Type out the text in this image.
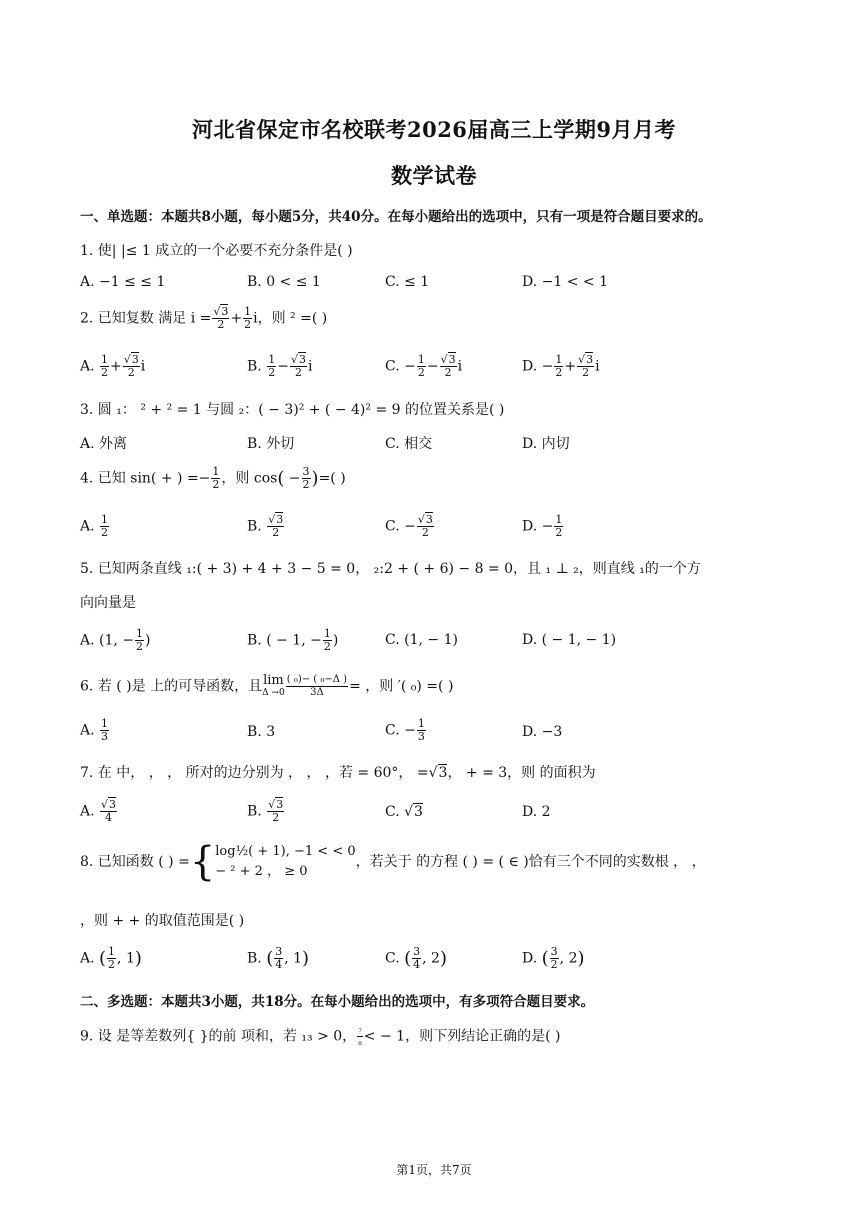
河北省保定市名校联考2026届高三上学期9月月考
数学试卷
一、单选题：本题共8小题，每小题5分，共40分。在每小题给出的选项中，只有一项是符合题目要求的。
1. 使| |≤ 1 成立的一个必要不充分条件是( )
A. −1 ≤ ≤ 1	B. 0 < ≤ 1	C. ≤ 1	D. −1 < < 1
2. 已知复数 满足 $i = \frac{√3}{2} + \frac{1}{2}$ i，则 ² =( )
A. $\frac{1}{2} + \frac{√3}{2}$ i	B. $\frac{1}{2} - \frac{√3}{2}$ i	C. − $\frac{1}{2} - \frac{√3}{2}$ i	D. − $\frac{1}{2} + \frac{√3}{2}$ i
3. 圆 ₁： ² + ² = 1 与圆 ₂：( − 3)² + ( − 4)² = 9 的位置关系是( )
A. 外离	B. 外切	C. 相交	D. 内切
4. 已知 sin( + ) =− $\frac{1}{2}$ ，则 $\cos( - \frac{3}{2}$ )=( )
A. $\frac{1}{2}$	B. $\frac{√3}{2}$	C. − $\frac{√3}{2}$	D. − $\frac{1}{2}$
5. 已知两条直线 ₁:( + 3) + 4 + 3 − 5 = 0， ₂:2 + ( + 6) − 8 = 0，且 ₁ ⊥ ₂，则直线 ₁的一个方
向向量是
A. (1, − $\frac{1}{2}$ )	B. ( − 1, − $\frac{1}{2}$ )	C. (1, − 1)	D. ( − 1, − 1)
6. 若 ( )是 上的可导函数，且 lim
$\Delta \to 0 \frac{\text{( ₀)− ( ₀−Δ )}}{3\Delta}$ = ，则 ′( ₀) =( )
A. $\frac{1}{3}$	B. 3	C. − $\frac{1}{3}$	D. −3
7. 在 中， ， ， 所对的边分别为 ， ， ，若 = 60°， =√3， + = 3，则 的面积为
A. $\frac{√3}{4}$	B. $\frac{√3}{2}$	C. √3	D. 2
8. 已知函数 ( ) ={ log½( + 1), −1 < < 0
− ² + 2 ， ≥ 0
，若关于 的方程 ( ) = ( ∈ )恰有三个不同的实数根 ， ，
，则 + + 的取值范围是( )
A. ( $\frac{1}{2}$ , 1)	B. ( $\frac{3}{4}$ , 1)	C. ( $\frac{3}{4}$ , 2)	D. ( $\frac{3}{2}$ , 2)
二、多选题：本题共3小题，共18分。在每小题给出的选项中，有多项符合题目要求。
9. 设 是等差数列{ }的前 项和，若 ₁₃ > 0， $\frac{\text{₇}}{\text{₈}}$ < − 1，则下列结论正确的是( )
第1页，共7页
